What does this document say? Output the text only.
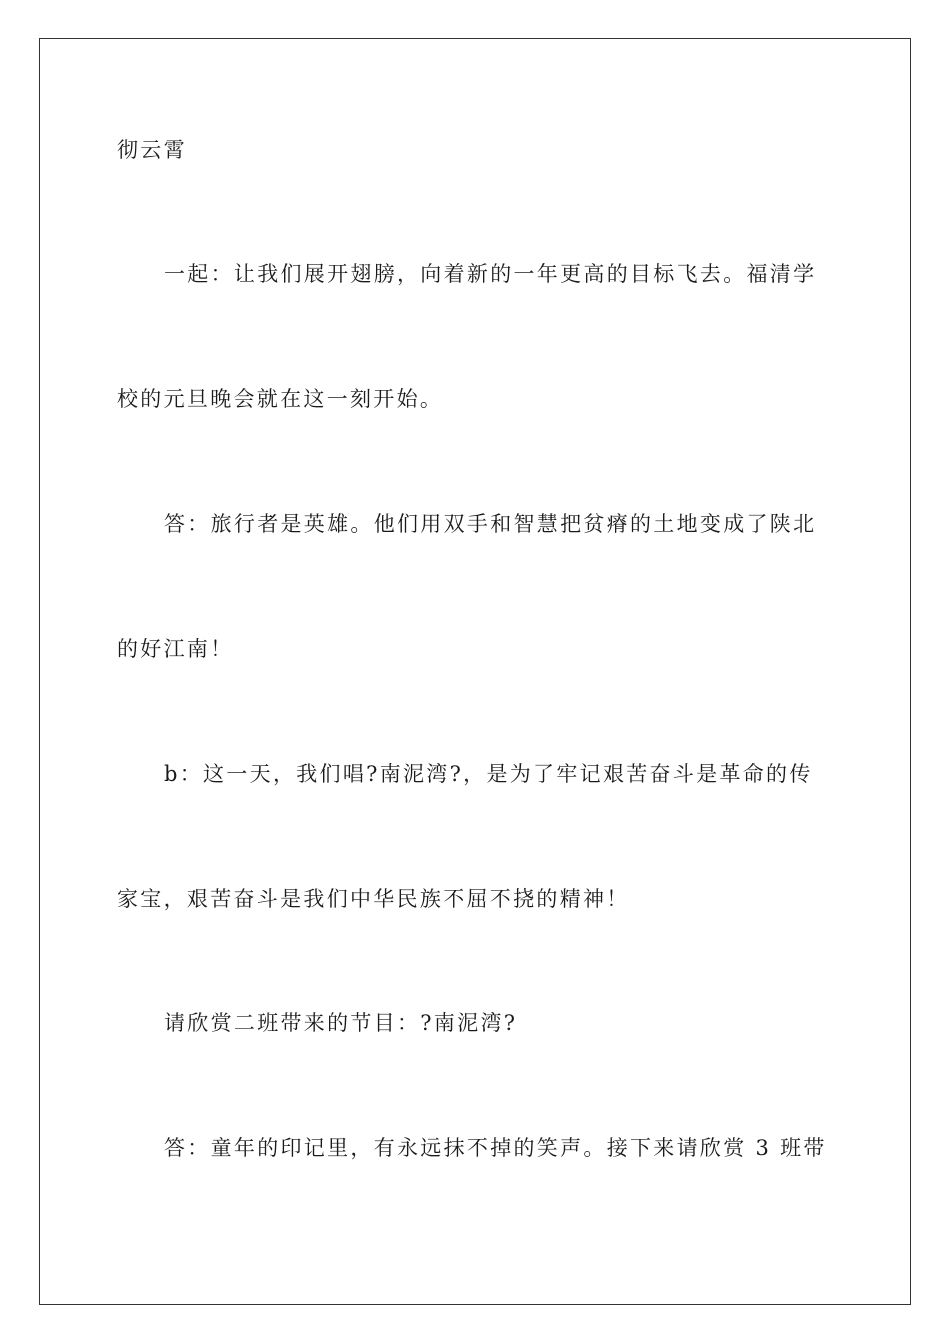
彻云霄
一起：让我们展开翅膀，向着新的一年更高的目标飞去。福清学
校的元旦晚会就在这一刻开始。
答：旅行者是英雄。他们用双手和智慧把贫瘠的土地变成了陕北
的好江南！
b：这一天，我们唱?南泥湾?，是为了牢记艰苦奋斗是革命的传
家宝，艰苦奋斗是我们中华民族不屈不挠的精神！
请欣赏二班带来的节目：?南泥湾?
答：童年的印记里，有永远抹不掉的笑声。接下来请欣赏 3 班带
